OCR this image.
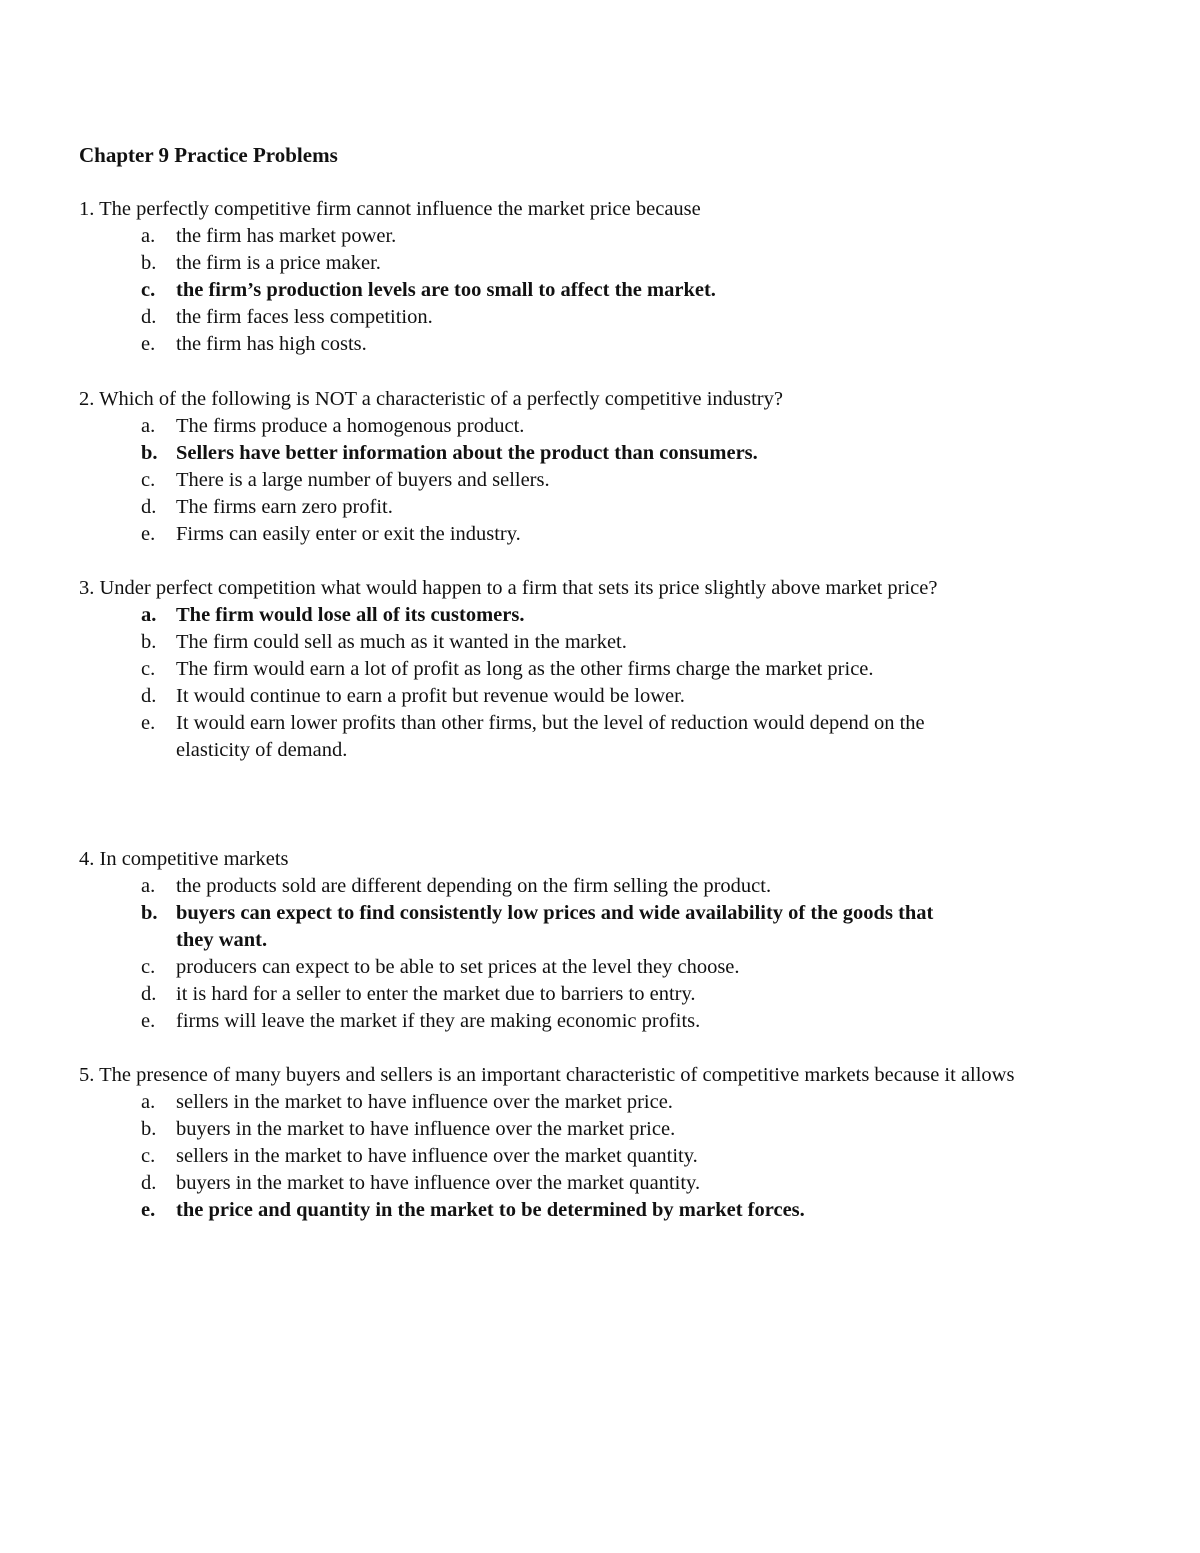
Chapter 9 Practice Problems

1. The perfectly competitive firm cannot influence the market price because

a. the firm has market power.
b. the firm is a price maker.
c. the firm’s production levels are too small to affect the market.
d. the firm faces less competition.
e. the firm has high costs.

2. Which of the following is NOT a characteristic of a perfectly competitive industry?

a. The firms produce a homogenous product.
b. Sellers have better information about the product than consumers.
c. There is a large number of buyers and sellers.
d. The firms earn zero profit.
e. Firms can easily enter or exit the industry.

3. Under perfect competition what would happen to a firm that sets its price slightly above market price?

a. The firm would lose all of its customers.
b. The firm could sell as much as it wanted in the market.
c. The firm would earn a lot of profit as long as the other firms charge the market price.
d. It would continue to earn a profit but revenue would be lower.
e. It would earn lower profits than other firms, but the level of reduction would depend on the elasticity of demand.

4. In competitive markets

a. the products sold are different depending on the firm selling the product.
b. buyers can expect to find consistently low prices and wide availability of the goods that they want.
c. producers can expect to be able to set prices at the level they choose.
d. it is hard for a seller to enter the market due to barriers to entry.
e. firms will leave the market if they are making economic profits.

5. The presence of many buyers and sellers is an important characteristic of competitive markets because it allows

a. sellers in the market to have influence over the market price.
b. buyers in the market to have influence over the market price.
c. sellers in the market to have influence over the market quantity.
d. buyers in the market to have influence over the market quantity.
e. the price and quantity in the market to be determined by market forces.
